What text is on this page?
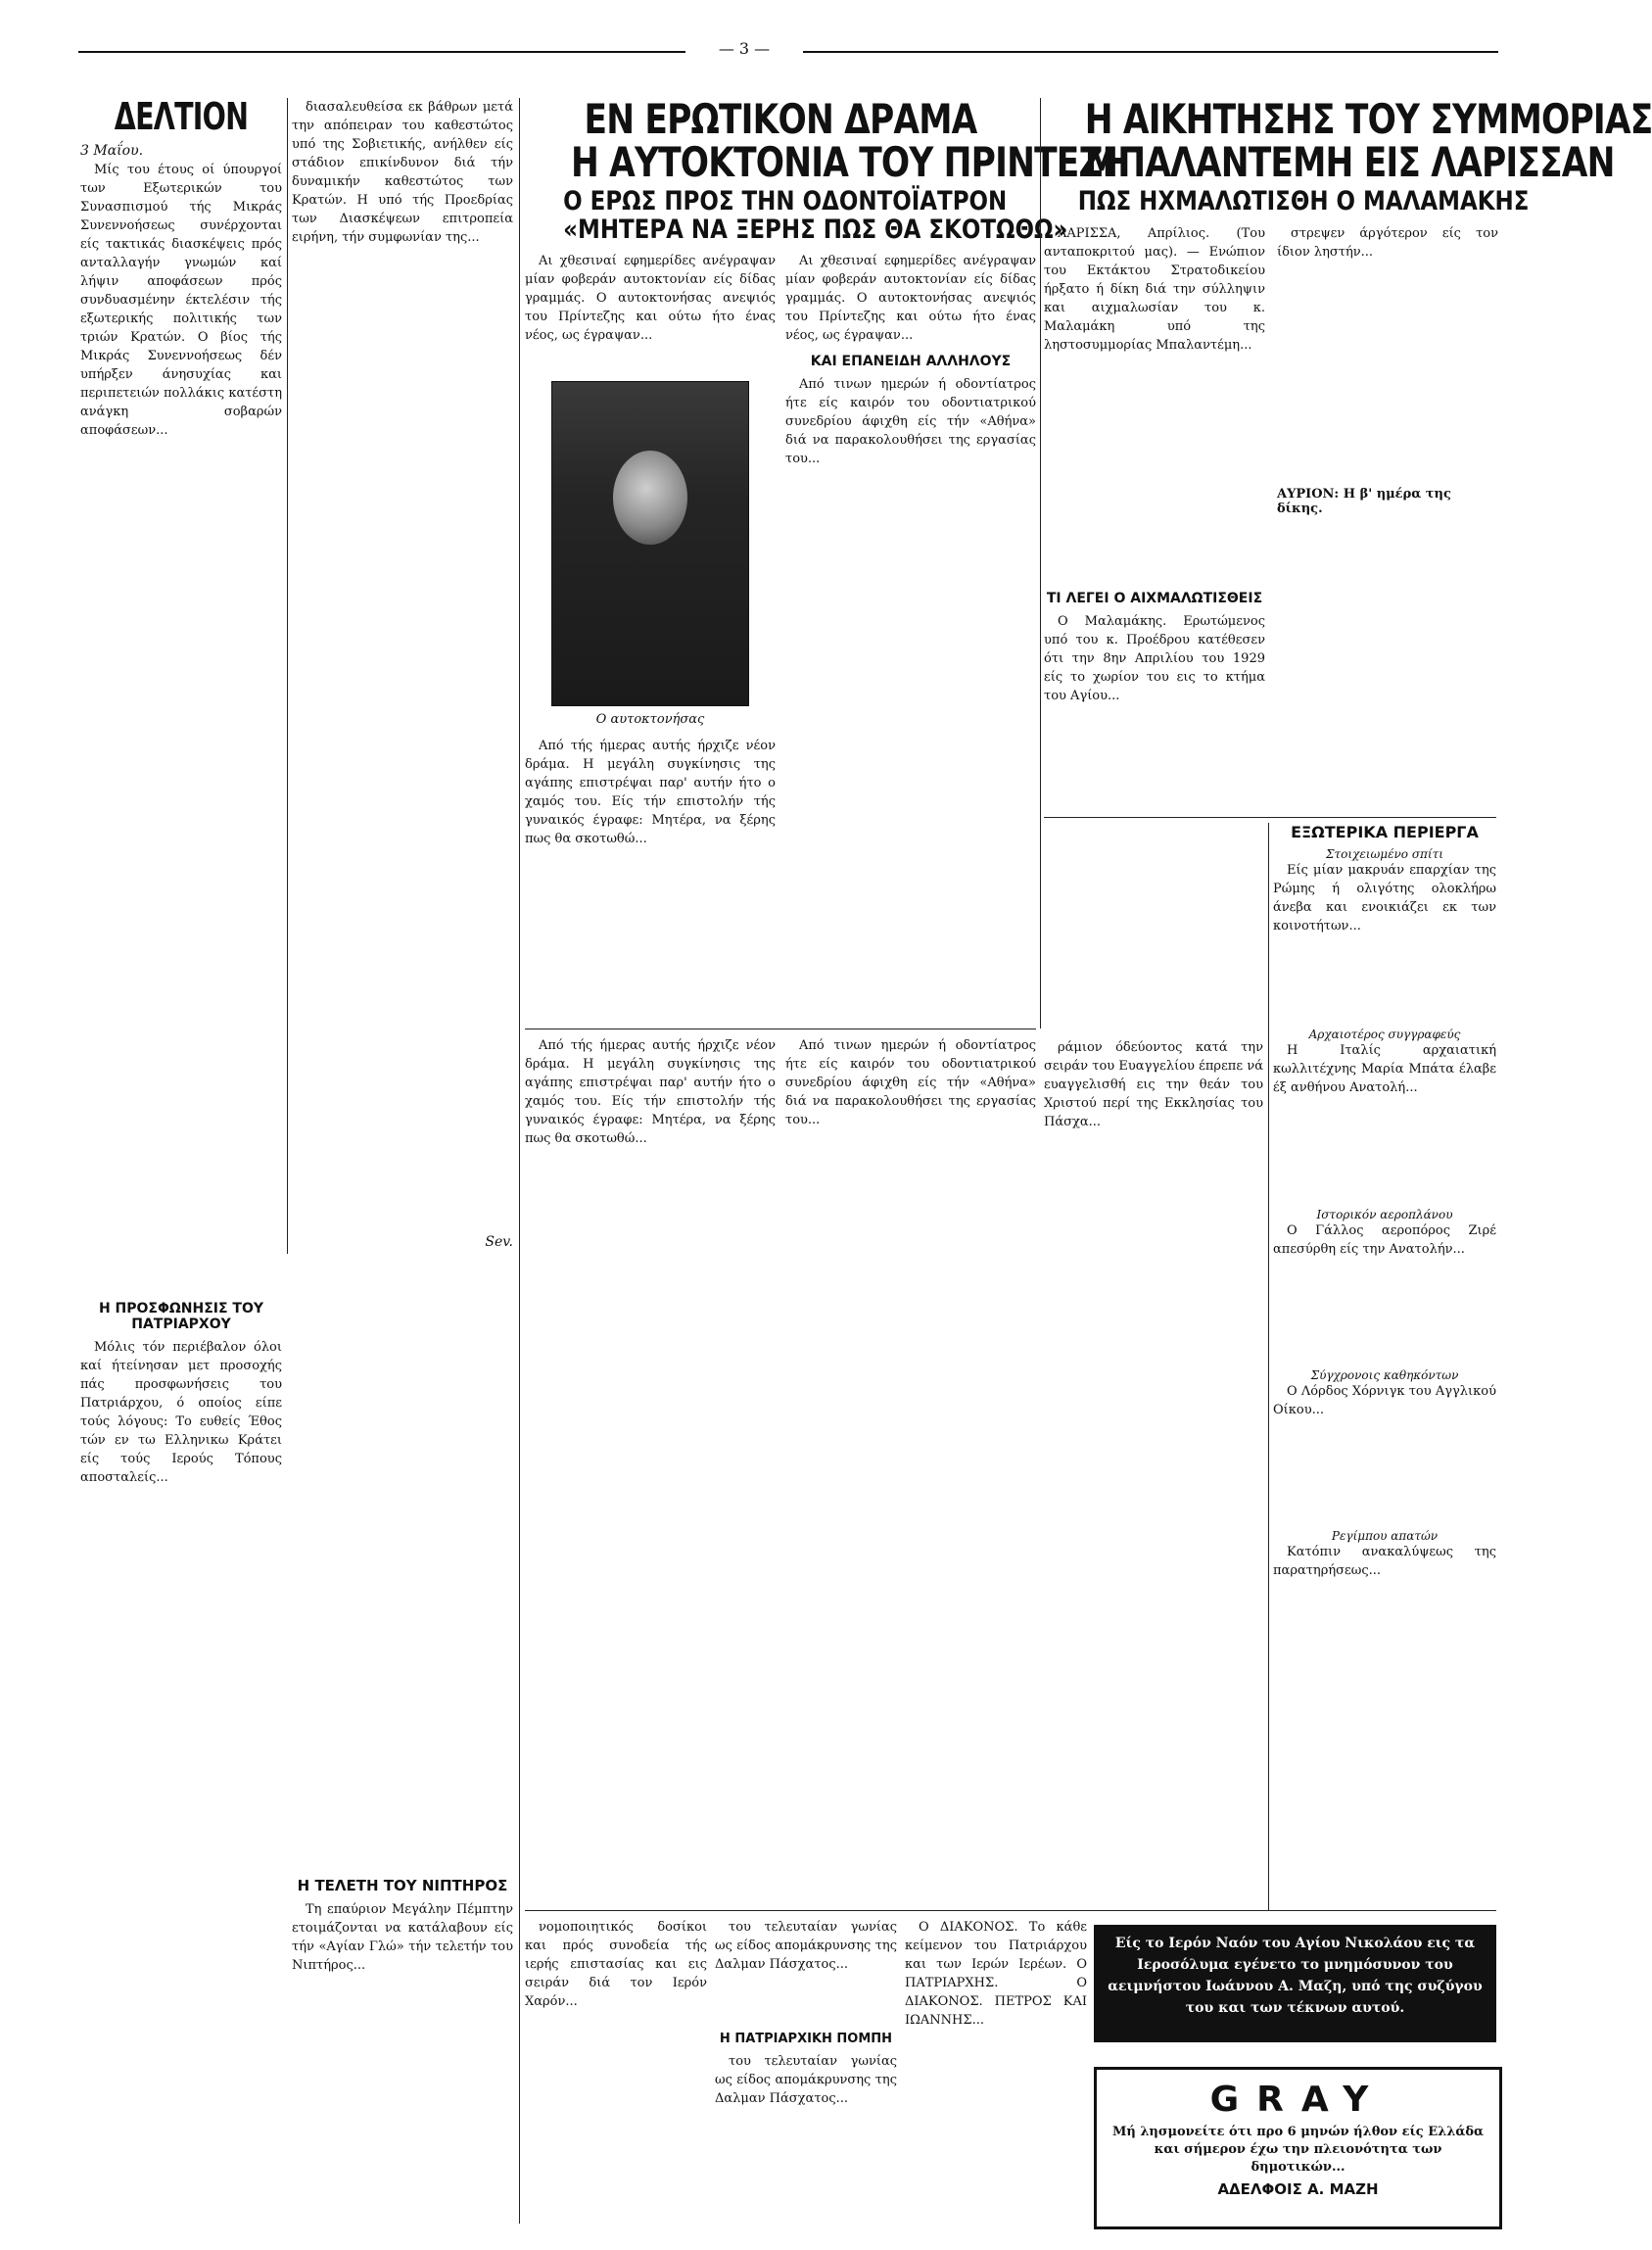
— 3 —
ΔΕΛΤΙΟΝ
3 Μαΐου.

Μίς του έτους οί ύπουργοί των Εξωτερικών του Συνασπισμού τής Μικράς Συνεννοήσεως συνέρχονται είς τακτικάς διασκέψεις πρός ανταλλαγήν γνωμών καί λήψιν αποφάσεων πρός συνδυασμένην έκτελέσιν τής εξωτερικής πολιτικής των τριών Κρατών. Ο βίος τής Μικράς Συνεννοήσεως δέν υπήρξεν άνησυχίας και περιπετειών πολλάκις κατέστη ανάγκη σοβαρών αποφάσεων...

Η ΠΡΟΣΦΩΝΗΣΙΣ ΤΟΥ ΠΑΤΡΙΑΡΧΟΥ

Μόλις τόν περιέβαλον όλοι καί ήτείνησαν μετ προσοχής πάς προσφωνήσεις του Πατριάρχου, ό οποίος είπε τούς λόγους: Το ευθείς Έθος τών εν τω Ελληνικω Κράτει είς τούς Ιερούς Τόπους αποσταλείς...

διασαλευθείσα εκ βάθρων μετά την απόπειραν του καθεστώτος υπό της Σοβιετικής, ανήλθεν είς στάδιον επικίνδυνον διά τήν δυναμικήν καθεστώτος των Κρατών. Η υπό τής Προεδρίας των Διασκέψεων επιτροπεία ειρήνη, τήν συμφωνίαν της...

Sev.
Η ΤΕΛΕΤΗ ΤΟΥ ΝΙΠΤΗΡΟΣ

Τη επαύριον Μεγάλην Πέμπτην ετοιμάζονται να κατάλαβουν είς τήν «Αγίαν Γλώ» τήν τελετήν του Νιπτήρος...

ΕΝ ΕΡΩΤΙΚΟΝ ΔΡΑΜΑ
Η ΑΥΤΟΚΤΟΝΙΑ ΤΟΥ ΠΡΙΝΤΕΖΗ
Ο ΕΡΩΣ ΠΡΟΣ ΤΗΝ ΟΔΟΝΤΟΪΑΤΡΟΝ
«ΜΗΤΕΡΑ ΝΑ ΞΕΡΗΣ ΠΩΣ ΘΑ ΣΚΟΤΩΘΩ»

Αι χθεσιναί εφημερίδες ανέγραψαν μίαν φοβεράν αυτοκτονίαν είς δίδας γραμμάς. Ο αυτοκτονήσας ανεψιός του Πρίντεζης και ούτω ήτο ένας νέος, ως έγραψαν...

Ο αυτοκτονήσας

Από τής ήμερας αυτής ήρχιζε νέον δράμα. Η μεγάλη συγκίνησις της αγάπης επιστρέψαι παρ' αυτήν ήτο ο χαμός του. Είς τήν επιστολήν τής γυναικός έγραφε: Μητέρα, να ξέρης πως θα σκοτωθώ...

Αι χθεσιναί εφημερίδες ανέγραψαν μίαν φοβεράν αυτοκτονίαν είς δίδας γραμμάς. Ο αυτοκτονήσας ανεψιός του Πρίντεζης και ούτω ήτο ένας νέος, ως έγραψαν...

ΚΑΙ ΕΠΑΝΕΙΔΗ ΑΛΛΗΛΟΥΣ

Από τινων ημερών ή οδοντίατρος ήτε είς καιρόν του οδοντιατρικού συνεδρίου άφιχθη είς τήν «Αθήνα» διά να παρακολουθήσει της εργασίας του...

Η ΑΙΚΗΤΗΣΗΣ ΤΟΥ ΣΥΜΜΟΡΙΑΣ
ΜΠΑΛΑΝΤΕΜΗ ΕΙΣ ΛΑΡΙΣΣΑΝ
ΠΩΣ ΗΧΜΑΛΩΤΙΣΘΗ Ο ΜΑΛΑΜΑΚΗΣ

ΛΑΡΙΣΣΑ, Απρίλιος. (Του ανταποκριτού μας). — Ενώπιον του Εκτάκτου Στρατοδικείου ήρξατο ή δίκη διά την σύλληψιν και αιχμαλωσίαν του κ. Μαλαμάκη υπό της ληστοσυμμορίας Μπαλαντέμη...

ΤΙ ΛΕΓΕΙ Ο ΑΙΧΜΑΛΩΤΙΣΘΕΙΣ

Ο Μαλαμάκης. Ερωτώμενος υπό του κ. Προέδρου κατέθεσεν ότι την 8ην Απριλίου του 1929 είς το χωρίον του εις το κτήμα του Αγίου...

στρεψεν άργότερον είς τον ίδιον ληστήν...

ΑΥΡΙΟΝ: Η β' ημέρα της δίκης.
ΕΞΩΤΕΡΙΚΑ ΠΕΡΙΕΡΓΑ
Στοιχειωμένο σπίτι

Είς μίαν μακρυάν επαρχίαν της Ρώμης ή ολιγότης ολοκλήρω άνεβα και ενοικιάζει εκ των κοινοτήτων...

Αρχαιοτέρος συγγραφεύς

Η Ιταλίς αρχαιατική κωλλιτέχνης Μαρία Μπάτα έλαβε έξ ανθήνου Ανατολή...

Ιστορικόν αεροπλάνου

Ο Γάλλος αεροπόρος Ζιρέ απεσύρθη είς την Ανατολήν...

Σύγχρονοις καθηκόντων

Ο Λόρδος Χόρνιγκ του Αγγλικού Οίκου...

Ρεγίμπου απατών

Κατόπιν ανακαλύψεως της παρατηρήσεως...

ράμιον όδεύοντος κατά την σειράν του Ευαγγελίου έπρεπε νά ευαγγελισθή εις την θεάν του Χριστού περί της Εκκλησίας του Πάσχα...

Από τής ήμερας αυτής ήρχιζε νέον δράμα. Η μεγάλη συγκίνησις της αγάπης επιστρέψαι παρ' αυτήν ήτο ο χαμός του. Είς τήν επιστολήν τής γυναικός έγραφε: Μητέρα, να ξέρης πως θα σκοτωθώ...

Από τινων ημερών ή οδοντίατρος ήτε είς καιρόν του οδοντιατρικού συνεδρίου άφιχθη είς τήν «Αθήνα» διά να παρακολουθήσει της εργασίας του...

νομοποιητικός δοσίκοι και πρός συνοδεία τής ιερής επιστασίας και εις σειράν διά τον Ιερόν Χαρόν...

του τελευταίαν γωνίας ως είδος απομάκρυνσης της Δαλμαν Πάσχατος...

Η ΠΑΤΡΙΑΡΧΙΚΗ ΠΟΜΠΗ

του τελευταίαν γωνίας ως είδος απομάκρυνσης της Δαλμαν Πάσχατος...

Ο ΔΙΑΚΟΝΟΣ. Το κάθε κείμενον του Πατριάρχου και των Ιερών Ιερέων. Ο ΠΑΤΡΙΑΡΧΗΣ. Ο ΔΙΑΚΟΝΟΣ. ΠΕΤΡΟΣ ΚΑΙ ΙΩΑΝΝΗΣ...

Είς το Ιερόν Ναόν του Αγίου Νικολάου εις τα Ιεροσόλυμα εγένετο το μνημόσυνον του αειμνήστου Ιωάννου Α. Μαζη, υπό της συζύγου του και των τέκνων αυτού.
GRAY
Μή λησμονείτε ότι προ 6 μηνών ήλθον είς Ελλάδα και σήμερον έχω την πλειονότητα των δημοτικών...
ΑΔΕΛΦΟΙΣ Α. ΜΑΖΗ
